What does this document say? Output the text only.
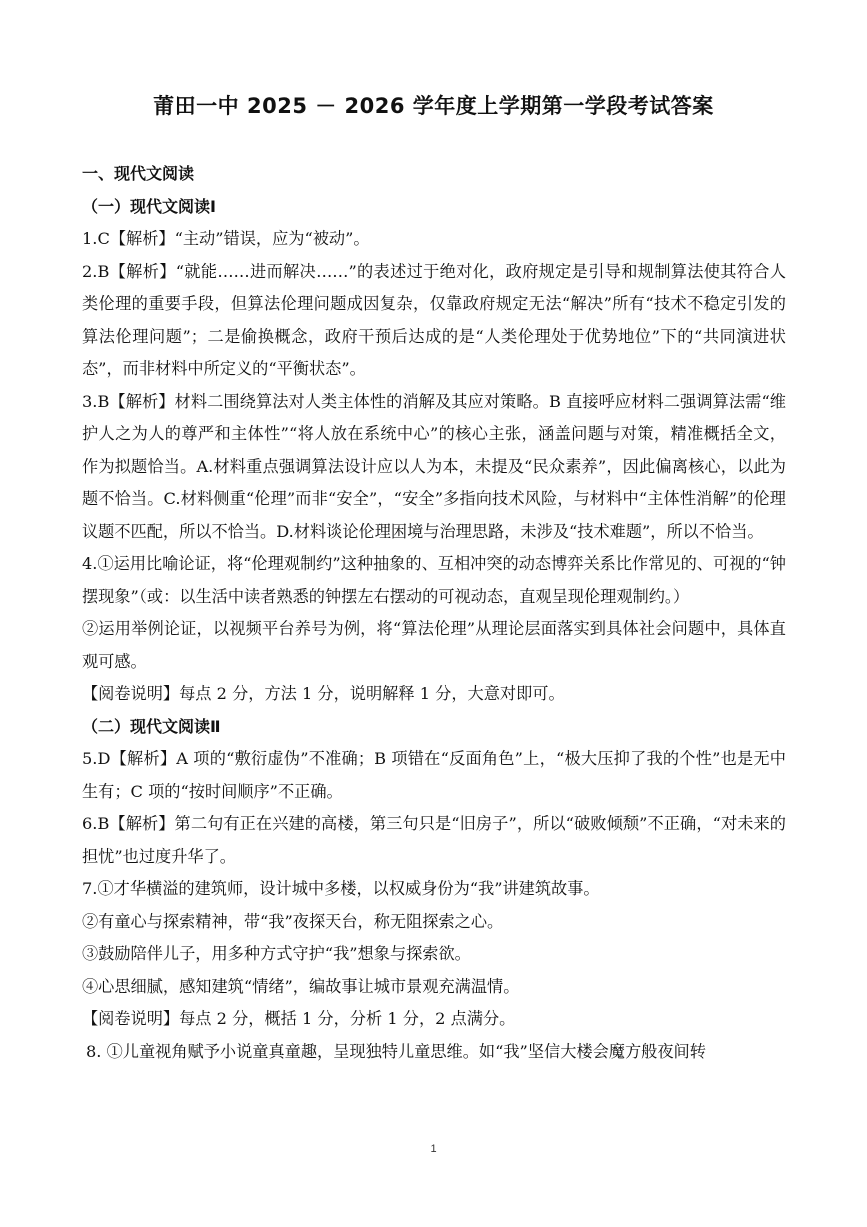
莆田一中 2025 － 2026 学年度上学期第一学段考试答案
一、现代文阅读
（一）现代文阅读Ⅰ
1.C【解析】“主动”错误，应为“被动”。
2.B【解析】“就能……进而解决……”的表述过于绝对化，政府规定是引导和规制算法使其符合人类伦理的重要手段，但算法伦理问题成因复杂，仅靠政府规定无法“解决”所有“技术不稳定引发的算法伦理问题”；二是偷换概念，政府干预后达成的是“人类伦理处于优势地位”下的“共同演进状态”，而非材料中所定义的“平衡状态”。
3.B【解析】材料二围绕算法对人类主体性的消解及其应对策略。B 直接呼应材料二强调算法需“维护人之为人的尊严和主体性”“将人放在系统中心”的核心主张，涵盖问题与对策，精准概括全文，作为拟题恰当。A.材料重点强调算法设计应以人为本，未提及“民众素养”，因此偏离核心，以此为题不恰当。C.材料侧重“伦理”而非“安全”，“安全”多指向技术风险，与材料中“主体性消解”的伦理议题不匹配，所以不恰当。D.材料谈论伦理困境与治理思路，未涉及“技术难题”，所以不恰当。
4.①运用比喻论证，将“伦理观制约”这种抽象的、互相冲突的动态博弈关系比作常见的、可视的“钟摆现象”（或：以生活中读者熟悉的钟摆左右摆动的可视动态，直观呈现伦理观制约。）
②运用举例论证，以视频平台养号为例，将“算法伦理”从理论层面落实到具体社会问题中，具体直观可感。
【阅卷说明】每点 2 分，方法 1 分，说明解释 1 分，大意对即可。
（二）现代文阅读Ⅱ
5.D【解析】A 项的“敷衍虚伪”不准确；B 项错在“反面角色”上，“极大压抑了我的个性”也是无中生有；C 项的“按时间顺序”不正确。
6.B【解析】第二句有正在兴建的高楼，第三句只是“旧房子”，所以“破败倾颓”不正确，“对未来的担忧”也过度升华了。
7.①才华横溢的建筑师，设计城中多楼，以权威身份为“我”讲建筑故事。
②有童心与探索精神，带“我”夜探天台，称无阻探索之心。
③鼓励陪伴儿子，用多种方式守护“我”想象与探索欲。
④心思细腻，感知建筑“情绪”，编故事让城市景观充满温情。
【阅卷说明】每点 2 分，概括 1 分，分析 1 分，2 点满分。
8. ①儿童视角赋予小说童真童趣，呈现独特儿童思维。如“我”坚信大楼会魔方般夜间转
1
